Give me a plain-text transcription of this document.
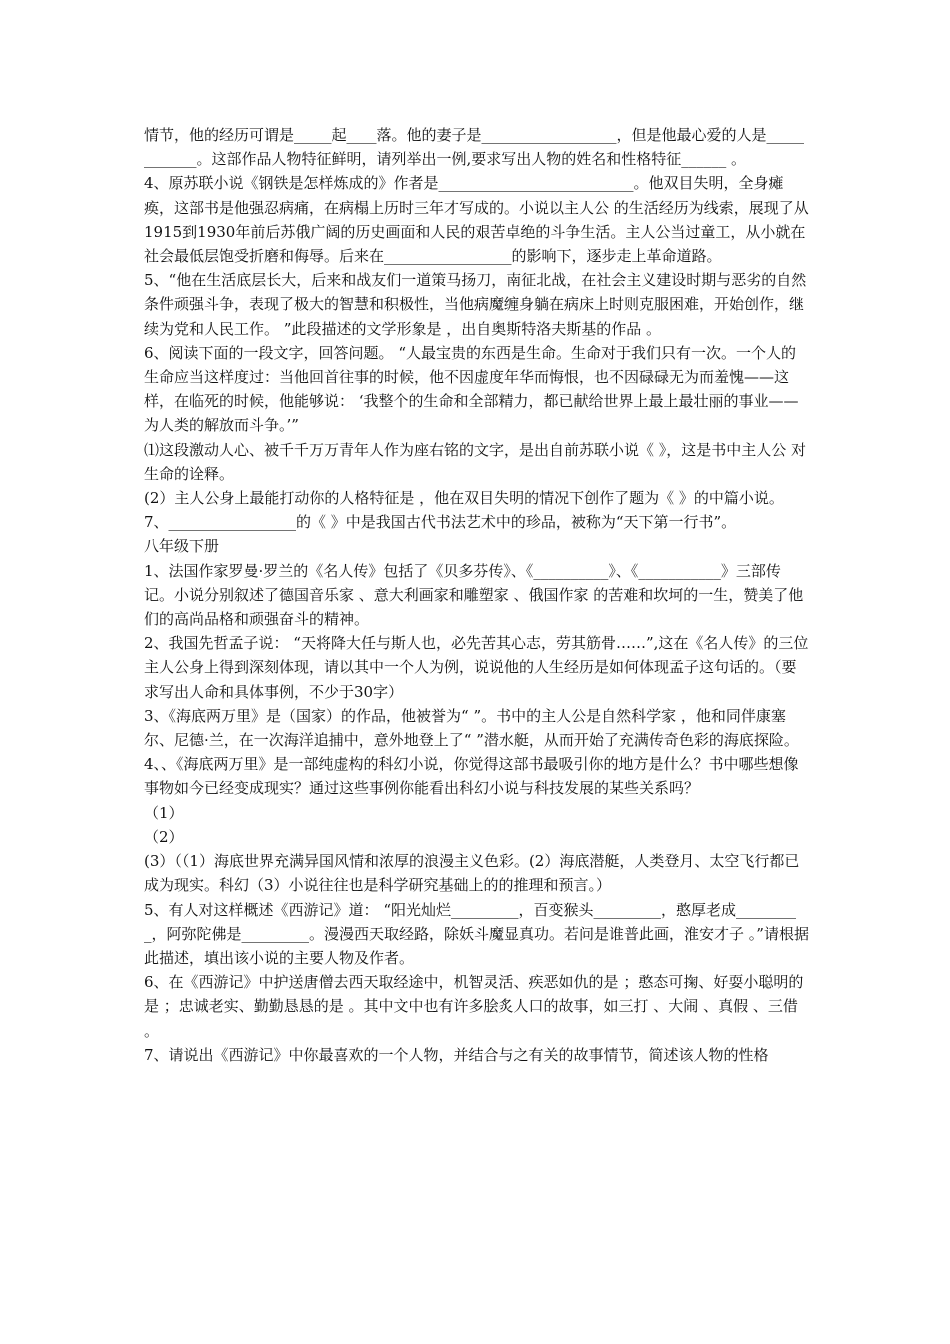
情节，他的经历可谓是_____起____落。他的妻子是__________________，但是他最心爱的人是____________。这部作品人物特征鲜明，请列举出一例,要求写出人物的姓名和性格特征______ 。

4、原苏联小说《钢铁是怎样炼成的》作者是__________________________。他双目失明，全身瘫痪，这部书是他强忍病痛，在病榻上历时三年才写成的。小说以主人公 的生活经历为线索，展现了从1915到1930年前后苏俄广阔的历史画面和人民的艰苦卓绝的斗争生活。主人公当过童工，从小就在社会最低层饱受折磨和侮辱。后来在_________________的影响下，逐步走上革命道路。

5、“他在生活底层长大，后来和战友们一道策马扬刀，南征北战，在社会主义建设时期与恶劣的自然条件顽强斗争，表现了极大的智慧和积极性，当他病魔缠身躺在病床上时则克服困难，开始创作，继续为党和人民工作。 ”此段描述的文学形象是 ，出自奥斯特洛夫斯基的作品 。

6、阅读下面的一段文字，回答问题。 “人最宝贵的东西是生命。生命对于我们只有一次。一个人的生命应当这样度过：当他回首往事的时候，他不因虚度年华而悔恨，也不因碌碌无为而羞愧——这样，在临死的时候，他能够说： ‘我整个的生命和全部精力，都已献给世界上最上最壮丽的事业——为人类的解放而斗争。’”

⑴这段激动人心、被千千万万青年人作为座右铭的文字，是出自前苏联小说《 》，这是书中主人公 对生命的诠释。

(2）主人公身上最能打动你的人格特征是 ，他在双目失明的情况下创作了题为《 》的中篇小说。

7、_________________的《 》中是我国古代书法艺术中的珍品，被称为“天下第一行书”。

八年级下册

1、法国作家罗曼·罗兰的《名人传》包括了《贝多芬传》、《__________》、《___________》三部传记。小说分别叙述了德国音乐家 、意大利画家和雕塑家 、俄国作家 的苦难和坎坷的一生，赞美了他们的高尚品格和顽强奋斗的精神。

2、我国先哲孟子说： “天将降大任与斯人也，必先苦其心志，劳其筋骨……”,这在《名人传》的三位主人公身上得到深刻体现，请以其中一个人为例，说说他的人生经历是如何体现孟子这句话的。（要求写出人命和具体事例，不少于30字）

3、《海底两万里》是（国家）的作品，他被誉为“ ”。书中的主人公是自然科学家 ，他和同伴康塞尔、尼德·兰，在一次海洋追捕中，意外地登上了“ ”潜水艇，从而开始了充满传奇色彩的海底探险。

4、、《海底两万里》是一部纯虚构的科幻小说，你觉得这部书最吸引你的地方是什么？书中哪些想像事物如今已经变成现实？通过这些事例你能看出科幻小说与科技发展的某些关系吗？

（1）

（2）

(3）（（1）海底世界充满异国风情和浓厚的浪漫主义色彩。(2）海底潜艇，人类登月、太空飞行都已成为现实。科幻（3）小说往往也是科学研究基础上的的推理和预言。）

5、有人对这样概述《西游记》道： “阳光灿烂_________，百变猴头_________，憨厚老成_________，阿弥陀佛是_________。漫漫西天取经路，除妖斗魔显真功。若问是谁普此画，淮安才子 。”请根据此描述，填出该小说的主要人物及作者。

6、在《西游记》中护送唐僧去西天取经途中，机智灵活、疾恶如仇的是 ；憨态可掬、好耍小聪明的是 ；忠诚老实、勤勤恳恳的是 。其中文中也有许多脍炙人口的故事，如三打 、大闹 、真假 、三借 。

7、请说出《西游记》中你最喜欢的一个人物，并结合与之有关的故事情节，简述该人物的性格
